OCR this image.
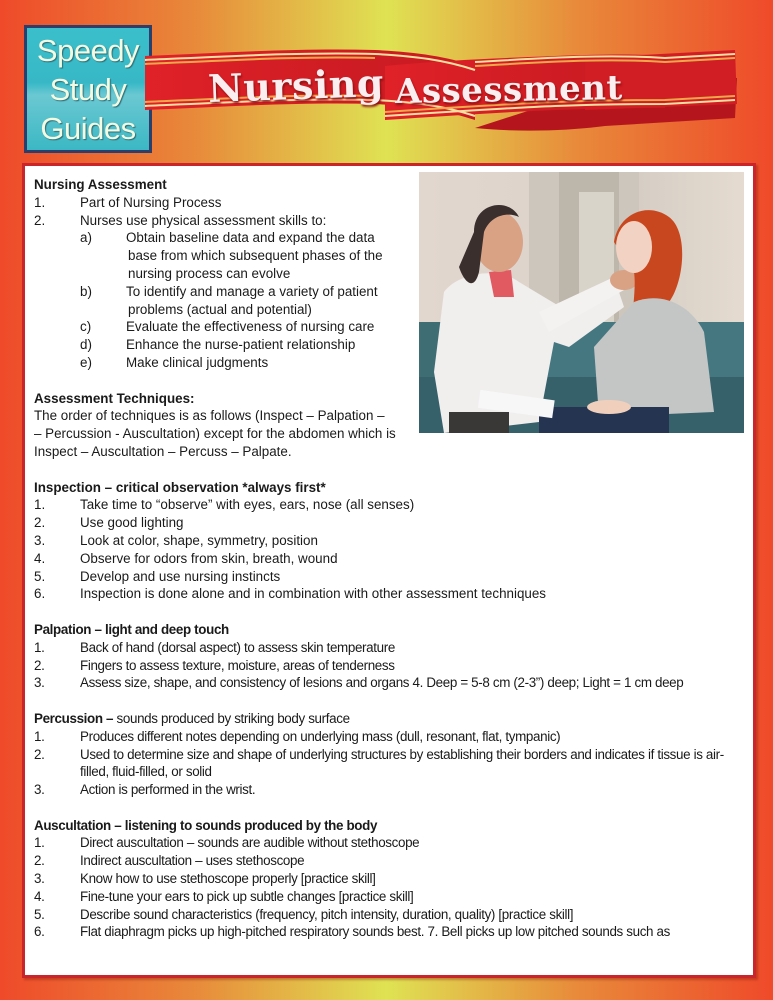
Speedy
Study
Guides
Nursing Assessment
Nursing Assessment
1.	Part of Nursing Process
2.	Nurses use physical assessment skills to:
a)	Obtain baseline data and expand the data
base from which subsequent phases of the
nursing process can evolve
b)	To identify and manage a variety of patient
problems (actual and potential)
c)	Evaluate the effectiveness of nursing care
d)	Enhance the nurse-patient relationship
e)	Make clinical judgments
Assessment Techniques:
The order of techniques is as follows (Inspect – Palpation –
– Percussion - Auscultation) except for the abdomen which is
Inspect – Auscultation – Percuss – Palpate.
Inspection – critical observation *always first*
1.	Take time to “observe” with eyes, ears, nose (all senses)
2.	Use good lighting
3.	Look at color, shape, symmetry, position
4.	Observe for odors from skin, breath, wound
5.	Develop and use nursing instincts
6.	Inspection is done alone and in combination with other assessment techniques
Palpation – light and deep touch
1.	Back of hand (dorsal aspect) to assess skin temperature
2.	Fingers to assess texture, moisture, areas of tenderness
3.	Assess size, shape, and consistency of lesions and organs 4. Deep = 5-8 cm (2-3”) deep; Light = 1 cm deep
Percussion – sounds produced by striking body surface
1.	Produces different notes depending on underlying mass (dull, resonant, flat, tympanic)
2.	Used to determine size and shape of underlying structures by establishing their borders and indicates if tissue is air-filled, fluid-filled, or solid
3.	Action is performed in the wrist.
Auscultation – listening to sounds produced by the body
1.	Direct auscultation – sounds are audible without stethoscope
2.	Indirect auscultation – uses stethoscope
3.	Know how to use stethoscope properly [practice skill]
4.	Fine-tune your ears to pick up subtle changes [practice skill]
5.	Describe sound characteristics (frequency, pitch intensity, duration, quality) [practice skill]
6.	Flat diaphragm picks up high-pitched respiratory sounds best. 7. Bell picks up low pitched sounds such as
